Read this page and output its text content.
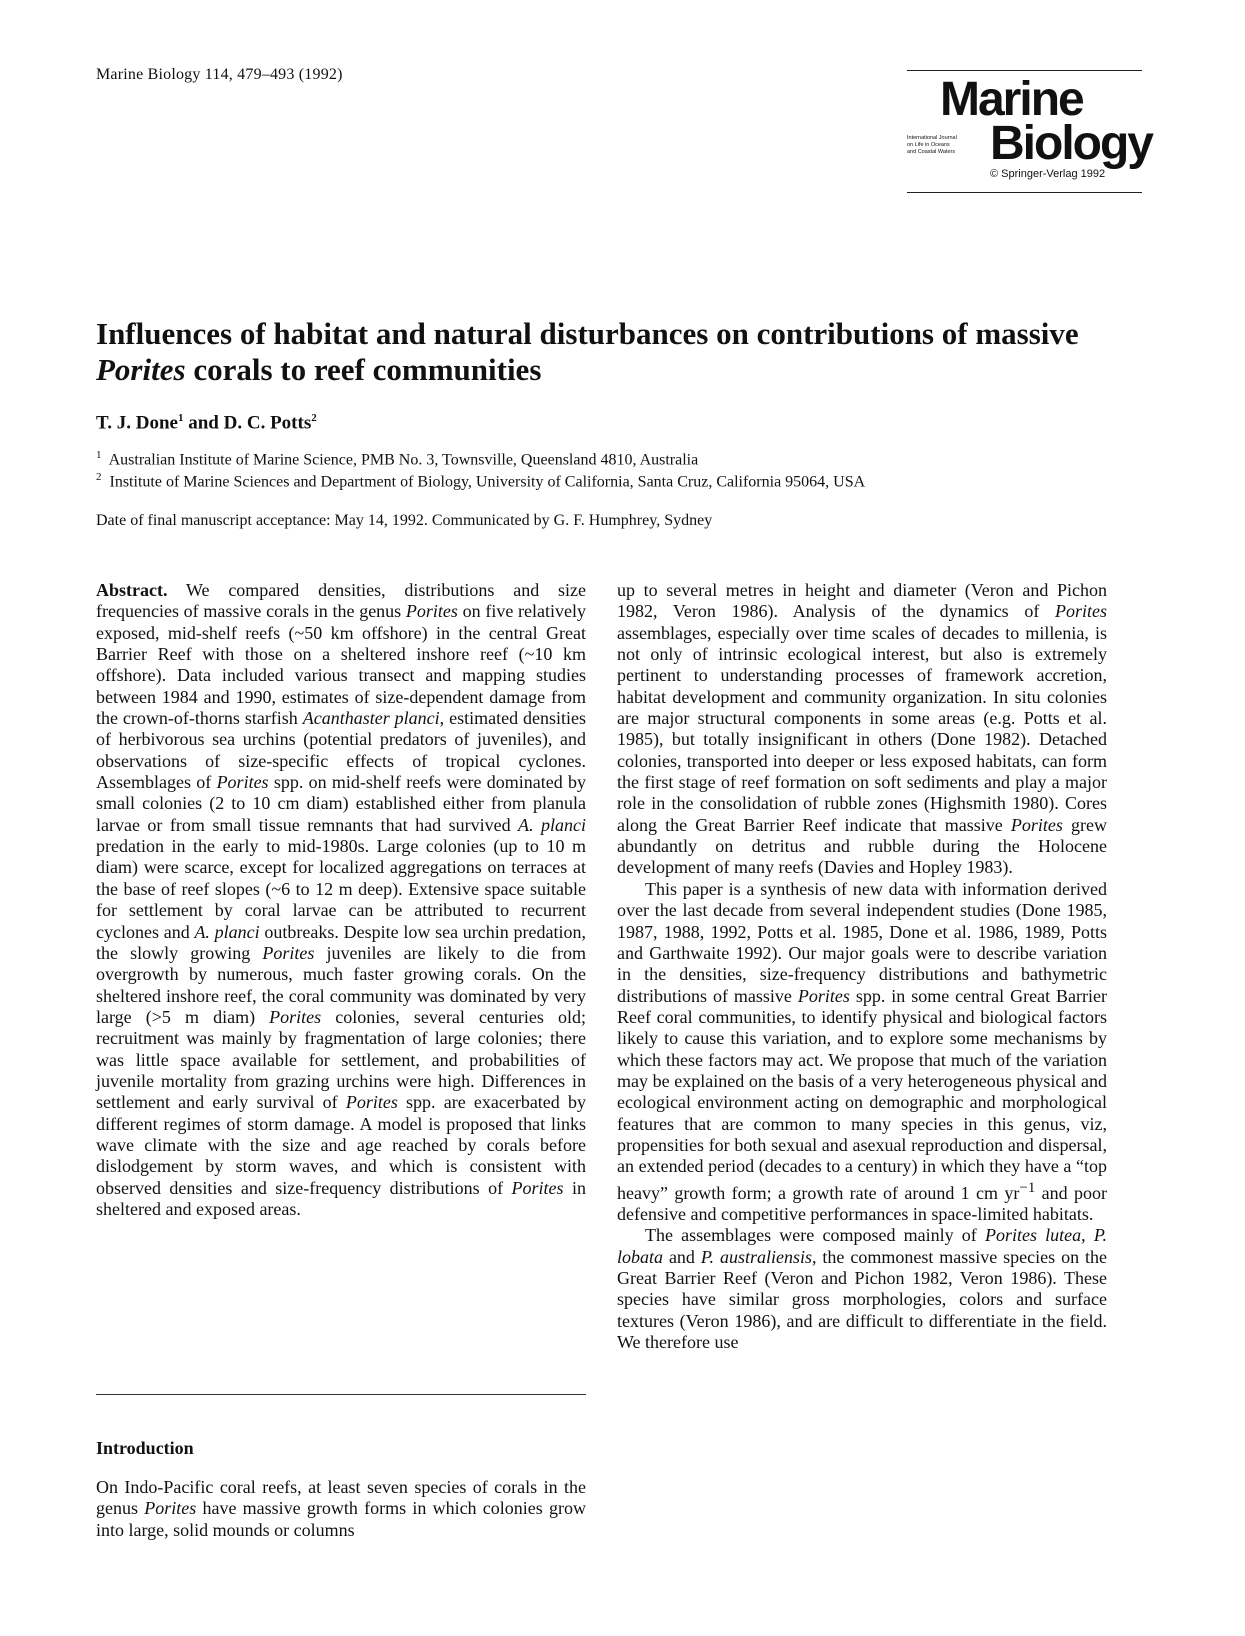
Marine Biology 114, 479–493 (1992)	Marine
International Journal
on Life in Oceans
and Coastal Waters Biology
© Springer-Verlag 1992
Influences of habitat and natural disturbances on contributions of massive Porites corals to reef communities
T. J. Done$^1$ and D. C. Potts$^2$
$^1$ Australian Institute of Marine Science, PMB No. 3, Townsville, Queensland 4810, Australia
$^2$ Institute of Marine Sciences and Department of Biology, University of California, Santa Cruz, California 95064, USA
Date of final manuscript acceptance: May 14, 1992. Communicated by G. F. Humphrey, Sydney

Abstract. We compared densities, distributions and size frequencies of massive corals in the genus Porites on five relatively exposed, mid-shelf reefs (~50 km offshore) in the central Great Barrier Reef with those on a sheltered inshore reef (~10 km offshore). Data included various transect and mapping studies between 1984 and 1990, estimates of size-dependent damage from the crown-of-thorns starfish Acanthaster planci, estimated densities of herbivorous sea urchins (potential predators of juveniles), and observations of size-specific effects of tropical cyclones. Assemblages of Porites spp. on mid-shelf reefs were dominated by small colonies (2 to 10 cm diam) established either from planula larvae or from small tissue remnants that had survived A. planci predation in the early to mid-1980s. Large colonies (up to 10 m diam) were scarce, except for localized aggregations on terraces at the base of reef slopes (~6 to 12 m deep). Extensive space suitable for settlement by coral larvae can be attributed to recurrent cyclones and A. planci outbreaks. Despite low sea urchin predation, the slowly growing Porites juveniles are likely to die from overgrowth by numerous, much faster growing corals. On the sheltered inshore reef, the coral community was dominated by very large (>5 m diam) Porites colonies, several centuries old; recruitment was mainly by fragmentation of large colonies; there was little space available for settlement, and probabilities of juvenile mortality from grazing urchins were high. Differences in settlement and early survival of Porites spp. are exacerbated by different regimes of storm damage. A model is proposed that links wave climate with the size and age reached by corals before dislodgement by storm waves, and which is consistent with observed densities and size-frequency distributions of Porites in sheltered and exposed areas.

Introduction

On Indo-Pacific coral reefs, at least seven species of corals in the genus Porites have massive growth forms in which colonies grow into large, solid mounds or columns

up to several metres in height and diameter (Veron and Pichon 1982, Veron 1986). Analysis of the dynamics of Porites assemblages, especially over time scales of decades to millenia, is not only of intrinsic ecological interest, but also is extremely pertinent to understanding processes of framework accretion, habitat development and community organization. In situ colonies are major structural components in some areas (e.g. Potts et al. 1985), but totally insignificant in others (Done 1982). Detached colonies, transported into deeper or less exposed habitats, can form the first stage of reef formation on soft sediments and play a major role in the consolidation of rubble zones (Highsmith 1980). Cores along the Great Barrier Reef indicate that massive Porites grew abundantly on detritus and rubble during the Holocene development of many reefs (Davies and Hopley 1983).

This paper is a synthesis of new data with information derived over the last decade from several independent studies (Done 1985, 1987, 1988, 1992, Potts et al. 1985, Done et al. 1986, 1989, Potts and Garthwaite 1992). Our major goals were to describe variation in the densities, size-frequency distributions and bathymetric distributions of massive Porites spp. in some central Great Barrier Reef coral communities, to identify physical and biological factors likely to cause this variation, and to explore some mechanisms by which these factors may act. We propose that much of the variation may be explained on the basis of a very heterogeneous physical and ecological environment acting on demographic and morphological features that are common to many species in this genus, viz, propensities for both sexual and asexual reproduction and dispersal, an extended period (decades to a century) in which they have a “top heavy” growth form; a growth rate of around 1 cm $yr^{-1}$ and poor defensive and competitive performances in space-limited habitats.

The assemblages were composed mainly of Porites lutea, P. lobata and P. australiensis, the commonest massive species on the Great Barrier Reef (Veron and Pichon 1982, Veron 1986). These species have similar gross morphologies, colors and surface textures (Veron 1986), and are difficult to differentiate in the field. We therefore use
